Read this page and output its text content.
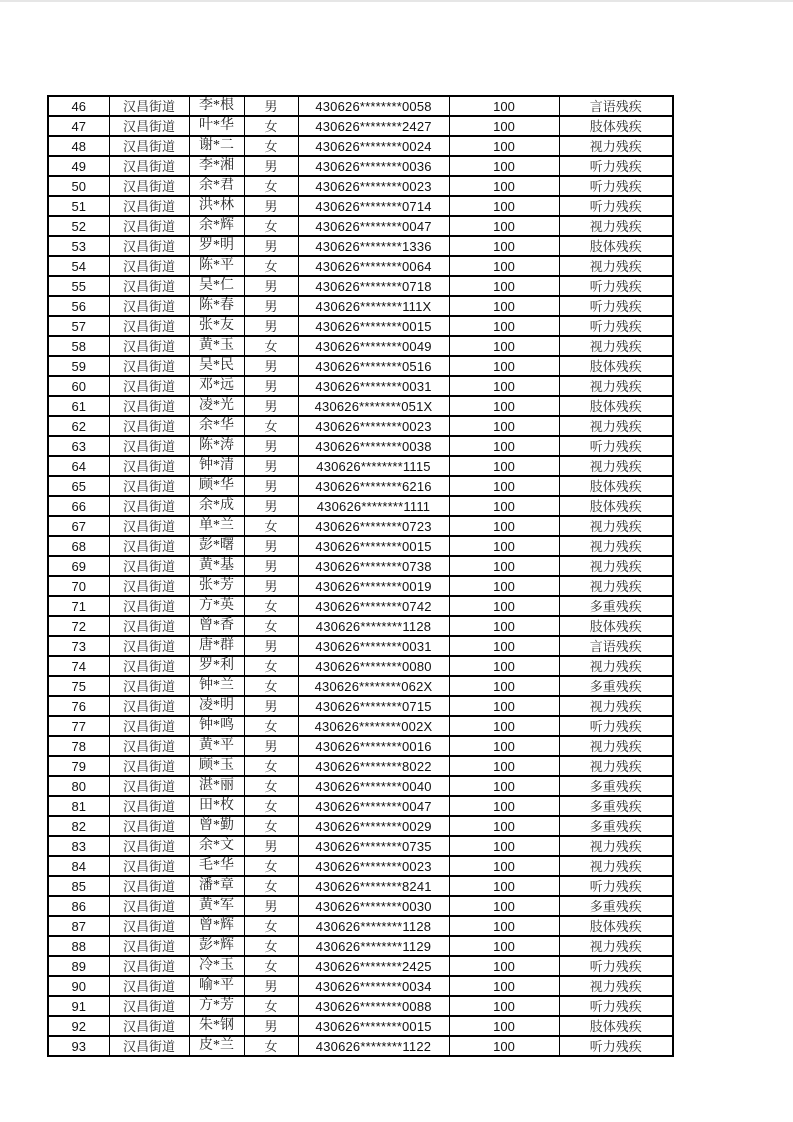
46	汉昌街道	李*根	男	430626********0058	100	言语残疾
47	汉昌街道	叶*华	女	430626********2427	100	肢体残疾
48	汉昌街道	谢*二	女	430626********0024	100	视力残疾
49	汉昌街道	李*湘	男	430626********0036	100	听力残疾
50	汉昌街道	余*君	女	430626********0023	100	听力残疾
51	汉昌街道	洪*林	男	430626********0714	100	听力残疾
52	汉昌街道	余*辉	女	430626********0047	100	视力残疾
53	汉昌街道	罗*明	男	430626********1336	100	肢体残疾
54	汉昌街道	陈*平	女	430626********0064	100	视力残疾
55	汉昌街道	吴*仁	男	430626********0718	100	听力残疾
56	汉昌街道	陈*春	男	430626********111X	100	听力残疾
57	汉昌街道	张*友	男	430626********0015	100	听力残疾
58	汉昌街道	黄*玉	女	430626********0049	100	视力残疾
59	汉昌街道	吴*民	男	430626********0516	100	肢体残疾
60	汉昌街道	邓*远	男	430626********0031	100	视力残疾
61	汉昌街道	凌*光	男	430626********051X	100	肢体残疾
62	汉昌街道	余*华	女	430626********0023	100	视力残疾
63	汉昌街道	陈*涛	男	430626********0038	100	听力残疾
64	汉昌街道	钟*清	男	430626********1115	100	视力残疾
65	汉昌街道	顾*华	男	430626********6216	100	肢体残疾
66	汉昌街道	余*成	男	430626********1111	100	肢体残疾
67	汉昌街道	单*兰	女	430626********0723	100	视力残疾
68	汉昌街道	彭*曙	男	430626********0015	100	视力残疾
69	汉昌街道	黄*基	男	430626********0738	100	视力残疾
70	汉昌街道	张*芳	男	430626********0019	100	视力残疾
71	汉昌街道	方*英	女	430626********0742	100	多重残疾
72	汉昌街道	曾*香	女	430626********1128	100	肢体残疾
73	汉昌街道	唐*群	男	430626********0031	100	言语残疾
74	汉昌街道	罗*利	女	430626********0080	100	视力残疾
75	汉昌街道	钟*兰	女	430626********062X	100	多重残疾
76	汉昌街道	凌*明	男	430626********0715	100	视力残疾
77	汉昌街道	钟*鸣	女	430626********002X	100	听力残疾
78	汉昌街道	黄*平	男	430626********0016	100	视力残疾
79	汉昌街道	顾*玉	女	430626********8022	100	视力残疾
80	汉昌街道	湛*丽	女	430626********0040	100	多重残疾
81	汉昌街道	田*枚	女	430626********0047	100	多重残疾
82	汉昌街道	曾*勤	女	430626********0029	100	多重残疾
83	汉昌街道	余*文	男	430626********0735	100	视力残疾
84	汉昌街道	毛*华	女	430626********0023	100	视力残疾
85	汉昌街道	潘*章	女	430626********8241	100	听力残疾
86	汉昌街道	黄*军	男	430626********0030	100	多重残疾
87	汉昌街道	曾*辉	女	430626********1128	100	肢体残疾
88	汉昌街道	彭*辉	女	430626********1129	100	视力残疾
89	汉昌街道	冷*玉	女	430626********2425	100	听力残疾
90	汉昌街道	喻*平	男	430626********0034	100	视力残疾
91	汉昌街道	方*芳	女	430626********0088	100	听力残疾
92	汉昌街道	朱*钢	男	430626********0015	100	肢体残疾
93	汉昌街道	皮*兰	女	430626********1122	100	听力残疾
